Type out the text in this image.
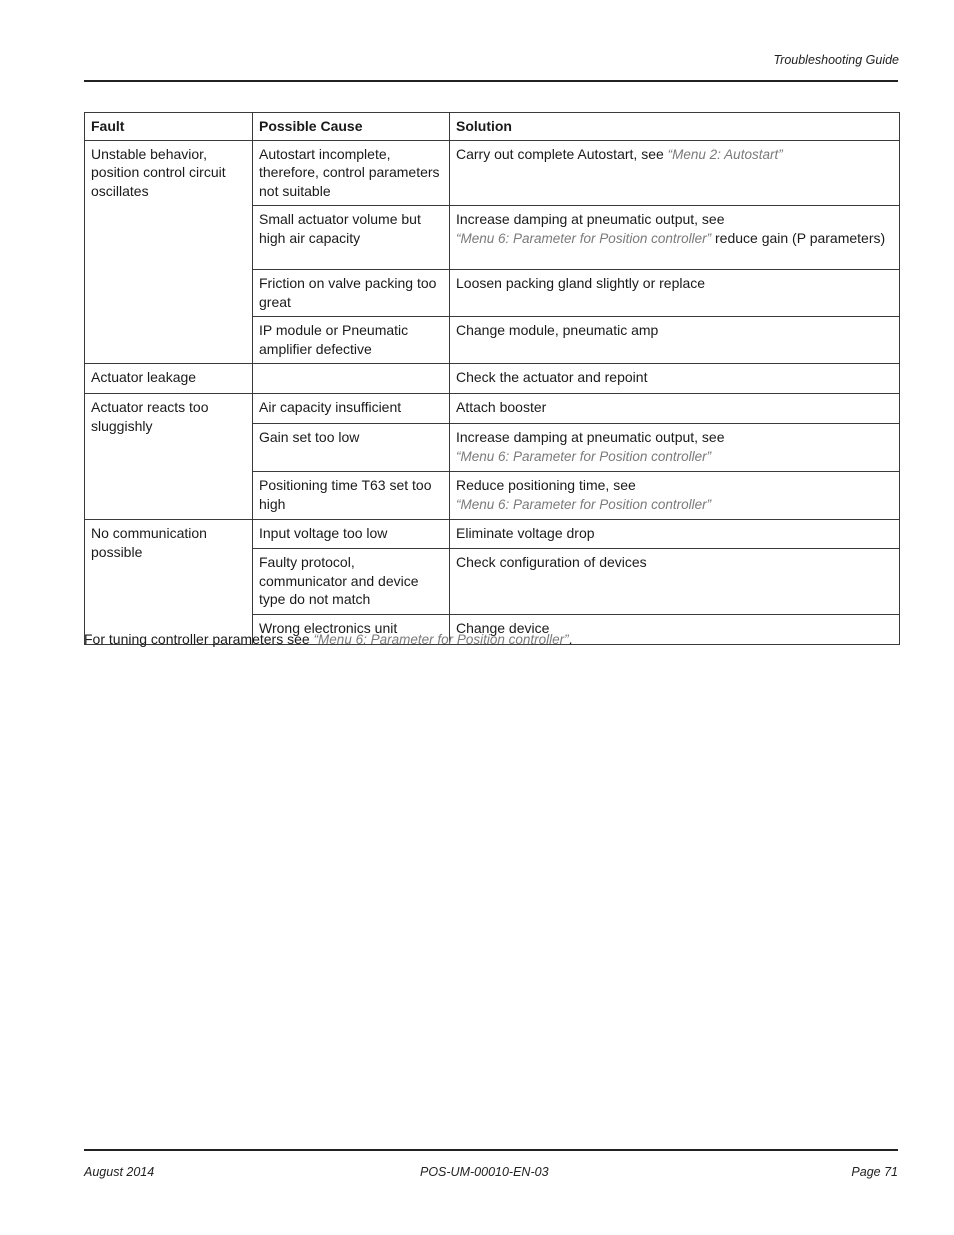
Troubleshooting Guide
Fault	Possible Cause	Solution
Unstable behavior, position control circuit oscillates	Autostart incomplete, therefore, control parameters not suitable	Carry out complete Autostart, see “Menu 2: Autostart”
	Small actuator volume but high air capacity	Increase damping at pneumatic output, see
“Menu 6: Parameter for Position controller” reduce gain (P parameters)
	Friction on valve packing too great	Loosen packing gland slightly or replace
	IP module or Pneumatic amplifier defective	Change module, pneumatic amp
Actuator leakage		Check the actuator and repoint
Actuator reacts too sluggishly	Air capacity insufficient	Attach booster
	Gain set too low	Increase damping at pneumatic output, see
“Menu 6: Parameter for Position controller”
	Positioning time T63 set too high	Reduce positioning time, see
“Menu 6: Parameter for Position controller”
No communication possible	Input voltage too low	Eliminate voltage drop
	Faulty protocol, communicator and device type do not match	Check configuration of devices
	Wrong electronics unit	Change device
For tuning controller parameters see “Menu 6: Parameter for Position controller”.
August 2014	POS-UM-00010-EN-03	Page 71
